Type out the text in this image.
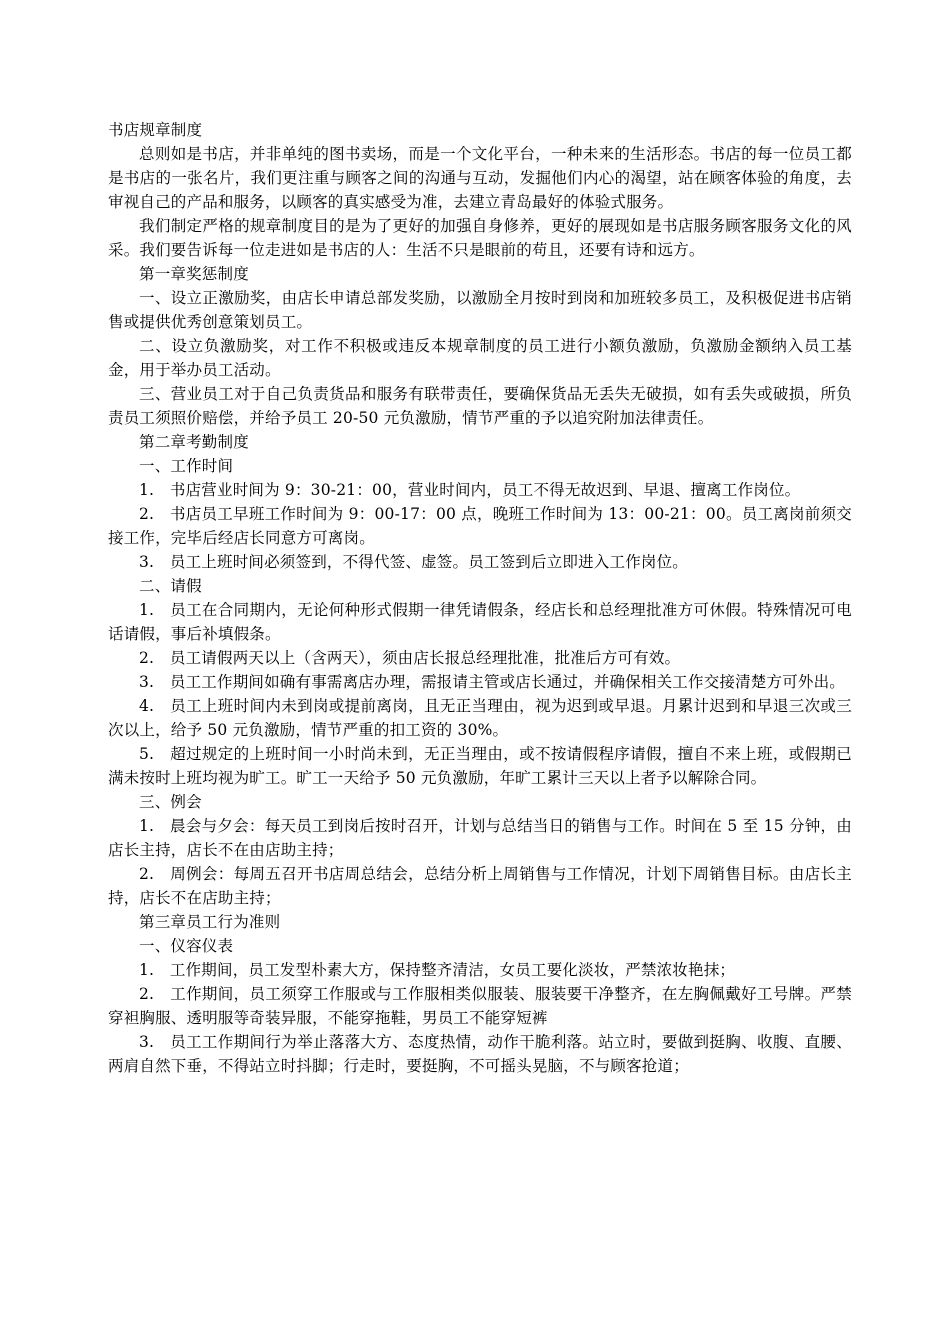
书店规章制度

总则如是书店，并非单纯的图书卖场，而是一个文化平台，一种未来的生活形态。书店的每一位员工都是书店的一张名片，我们更注重与顾客之间的沟通与互动，发掘他们内心的渴望，站在顾客体验的角度，去审视自己的产品和服务，以顾客的真实感受为准，去建立青岛最好的体验式服务。

我们制定严格的规章制度目的是为了更好的加强自身修养，更好的展现如是书店服务顾客服务文化的风采。我们要告诉每一位走进如是书店的人：生活不只是眼前的苟且，还要有诗和远方。

第一章奖惩制度

一、设立正激励奖，由店长申请总部发奖励，以激励全月按时到岗和加班较多员工，及积极促进书店销售或提供优秀创意策划员工。

二、设立负激励奖，对工作不积极或违反本规章制度的员工进行小额负激励，负激励金额纳入员工基金，用于举办员工活动。

三、营业员工对于自己负责货品和服务有联带责任，要确保货品无丢失无破损，如有丢失或破损，所负责员工须照价赔偿，并给予员工 20-50 元负激励，情节严重的予以追究附加法律责任。

第二章考勤制度

一、工作时间

1.　书店营业时间为 9：30-21：00，营业时间内，员工不得无故迟到、早退、擅离工作岗位。

2.　书店员工早班工作时间为 9：00-17：00 点，晚班工作时间为 13：00-21：00。员工离岗前须交接工作，完毕后经店长同意方可离岗。

3.　员工上班时间必须签到，不得代签、虚签。员工签到后立即进入工作岗位。

二、请假

1.　员工在合同期内，无论何种形式假期一律凭请假条，经店长和总经理批准方可休假。特殊情况可电话请假，事后补填假条。

2.　员工请假两天以上（含两天），须由店长报总经理批准，批准后方可有效。

3.　员工工作期间如确有事需离店办理，需报请主管或店长通过，并确保相关工作交接清楚方可外出。

4.　员工上班时间内未到岗或提前离岗，且无正当理由，视为迟到或早退。月累计迟到和早退三次或三次以上，给予 50 元负激励，情节严重的扣工资的 30%。

5.　超过规定的上班时间一小时尚未到，无正当理由，或不按请假程序请假，擅自不来上班，或假期已满未按时上班均视为旷工。旷工一天给予 50 元负激励，年旷工累计三天以上者予以解除合同。

三、例会

1.　晨会与夕会：每天员工到岗后按时召开，计划与总结当日的销售与工作。时间在 5 至 15 分钟，由店长主持，店长不在由店助主持；

2.　周例会：每周五召开书店周总结会，总结分析上周销售与工作情况，计划下周销售目标。由店长主持，店长不在店助主持；

第三章员工行为准则

一、仪容仪表

1.　工作期间，员工发型朴素大方，保持整齐清洁，女员工要化淡妆，严禁浓妆艳抹；

2.　工作期间，员工须穿工作服或与工作服相类似服装、服装要干净整齐，在左胸佩戴好工号牌。严禁穿袒胸服、透明服等奇装异服，不能穿拖鞋，男员工不能穿短裤

3.　员工工作期间行为举止落落大方、态度热情，动作干脆利落。站立时，要做到挺胸、收腹、直腰、两肩自然下垂，不得站立时抖脚；行走时，要挺胸，不可摇头晃脑，不与顾客抢道；
